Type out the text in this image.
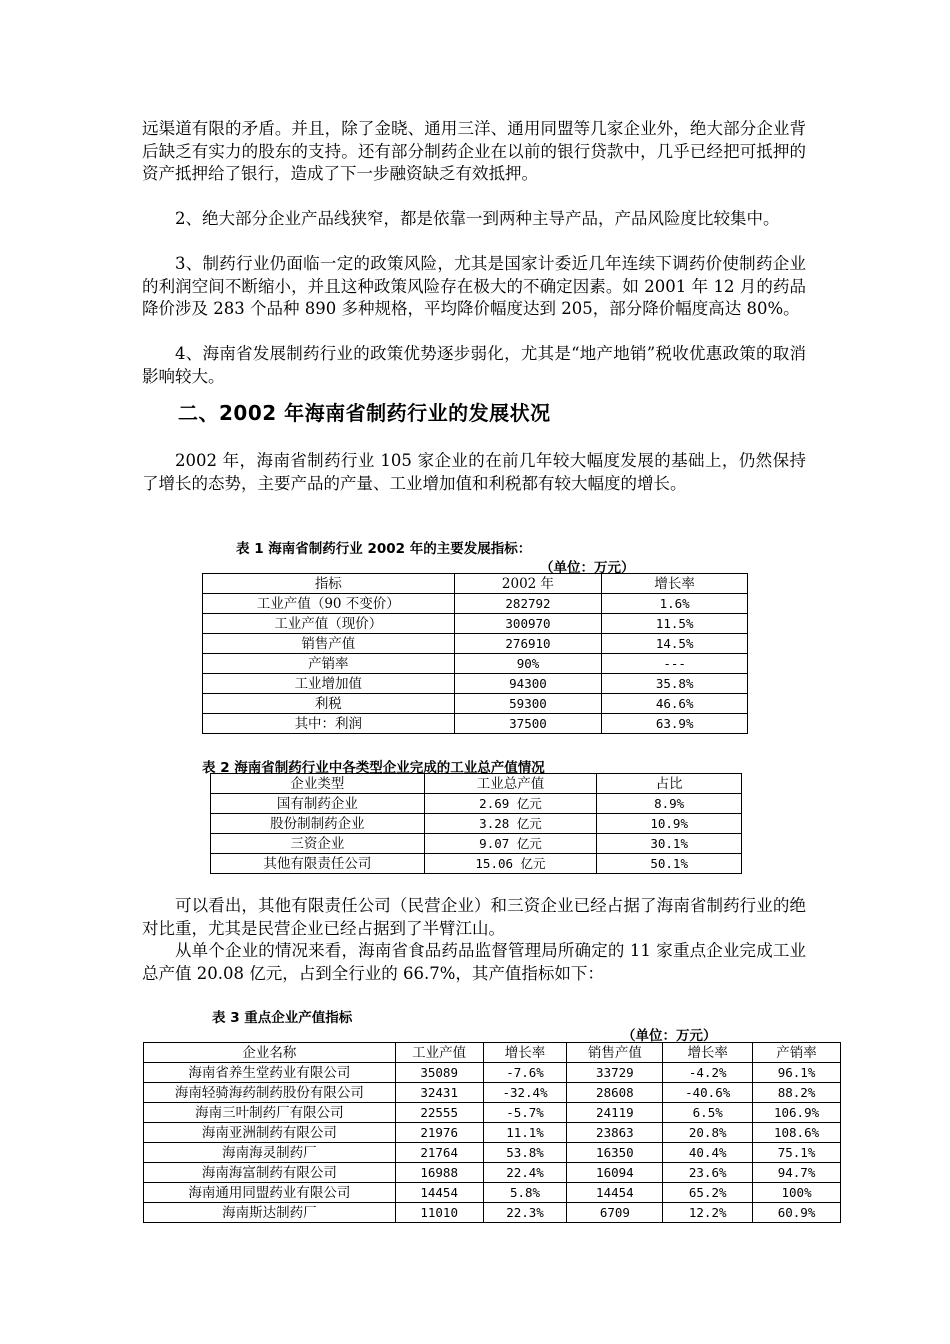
远渠道有限的矛盾。并且，除了金晓、通用三洋、通用同盟等几家企业外，绝大部分企业背后缺乏有实力的股东的支持。还有部分制药企业在以前的银行贷款中，几乎已经把可抵押的资产抵押给了银行，造成了下一步融资缺乏有效抵押。

2、绝大部分企业产品线狭窄，都是依靠一到两种主导产品，产品风险度比较集中。

3、制药行业仍面临一定的政策风险，尤其是国家计委近几年连续下调药价使制药企业的利润空间不断缩小，并且这种政策风险存在极大的不确定因素。如 2001 年 12 月的药品降价涉及 283 个品种 890 多种规格，平均降价幅度达到 205，部分降价幅度高达 80%。

4、海南省发展制药行业的政策优势逐步弱化，尤其是“地产地销”税收优惠政策的取消影响较大。

二、2002 年海南省制药行业的发展状况

2002 年，海南省制药行业 105 家企业的在前几年较大幅度发展的基础上，仍然保持了增长的态势，主要产品的产量、工业增加值和利税都有较大幅度的增长。

表 1 海南省制药行业 2002 年的主要发展指标：

（单位：万元）

指标	2002 年	增长率
工业产值（90 不变价）	282792	1.6%
工业产值（现价）	300970	11.5%
销售产值	276910	14.5%
产销率	90%	---
工业增加值	94300	35.8%
利税	59300	46.6%
其中：利润	37500	63.9%

表 2 海南省制药行业中各类型企业完成的工业总产值情况

企业类型	工业总产值	占比
国有制药企业	2.69 亿元	8.9%
股份制制药企业	3.28 亿元	10.9%
三资企业	9.07 亿元	30.1%
其他有限责任公司	15.06 亿元	50.1%

可以看出，其他有限责任公司（民营企业）和三资企业已经占据了海南省制药行业的绝对比重，尤其是民营企业已经占据到了半臂江山。

从单个企业的情况来看，海南省食品药品监督管理局所确定的 11 家重点企业完成工业总产值 20.08 亿元，占到全行业的 66.7%，其产值指标如下：

表 3 重点企业产值指标

（单位：万元）

企业名称	工业产值	增长率	销售产值	增长率	产销率
海南省养生堂药业有限公司	35089	-7.6%	33729	-4.2%	96.1%
海南轻骑海药制药股份有限公司	32431	-32.4%	28608	-40.6%	88.2%
海南三叶制药厂有限公司	22555	-5.7%	24119	6.5%	106.9%
海南亚洲制药有限公司	21976	11.1%	23863	20.8%	108.6%
海南海灵制药厂	21764	53.8%	16350	40.4%	75.1%
海南海富制药有限公司	16988	22.4%	16094	23.6%	94.7%
海南通用同盟药业有限公司	14454	5.8%	14454	65.2%	100%
海南斯达制药厂	11010	22.3%	6709	12.2%	60.9%
